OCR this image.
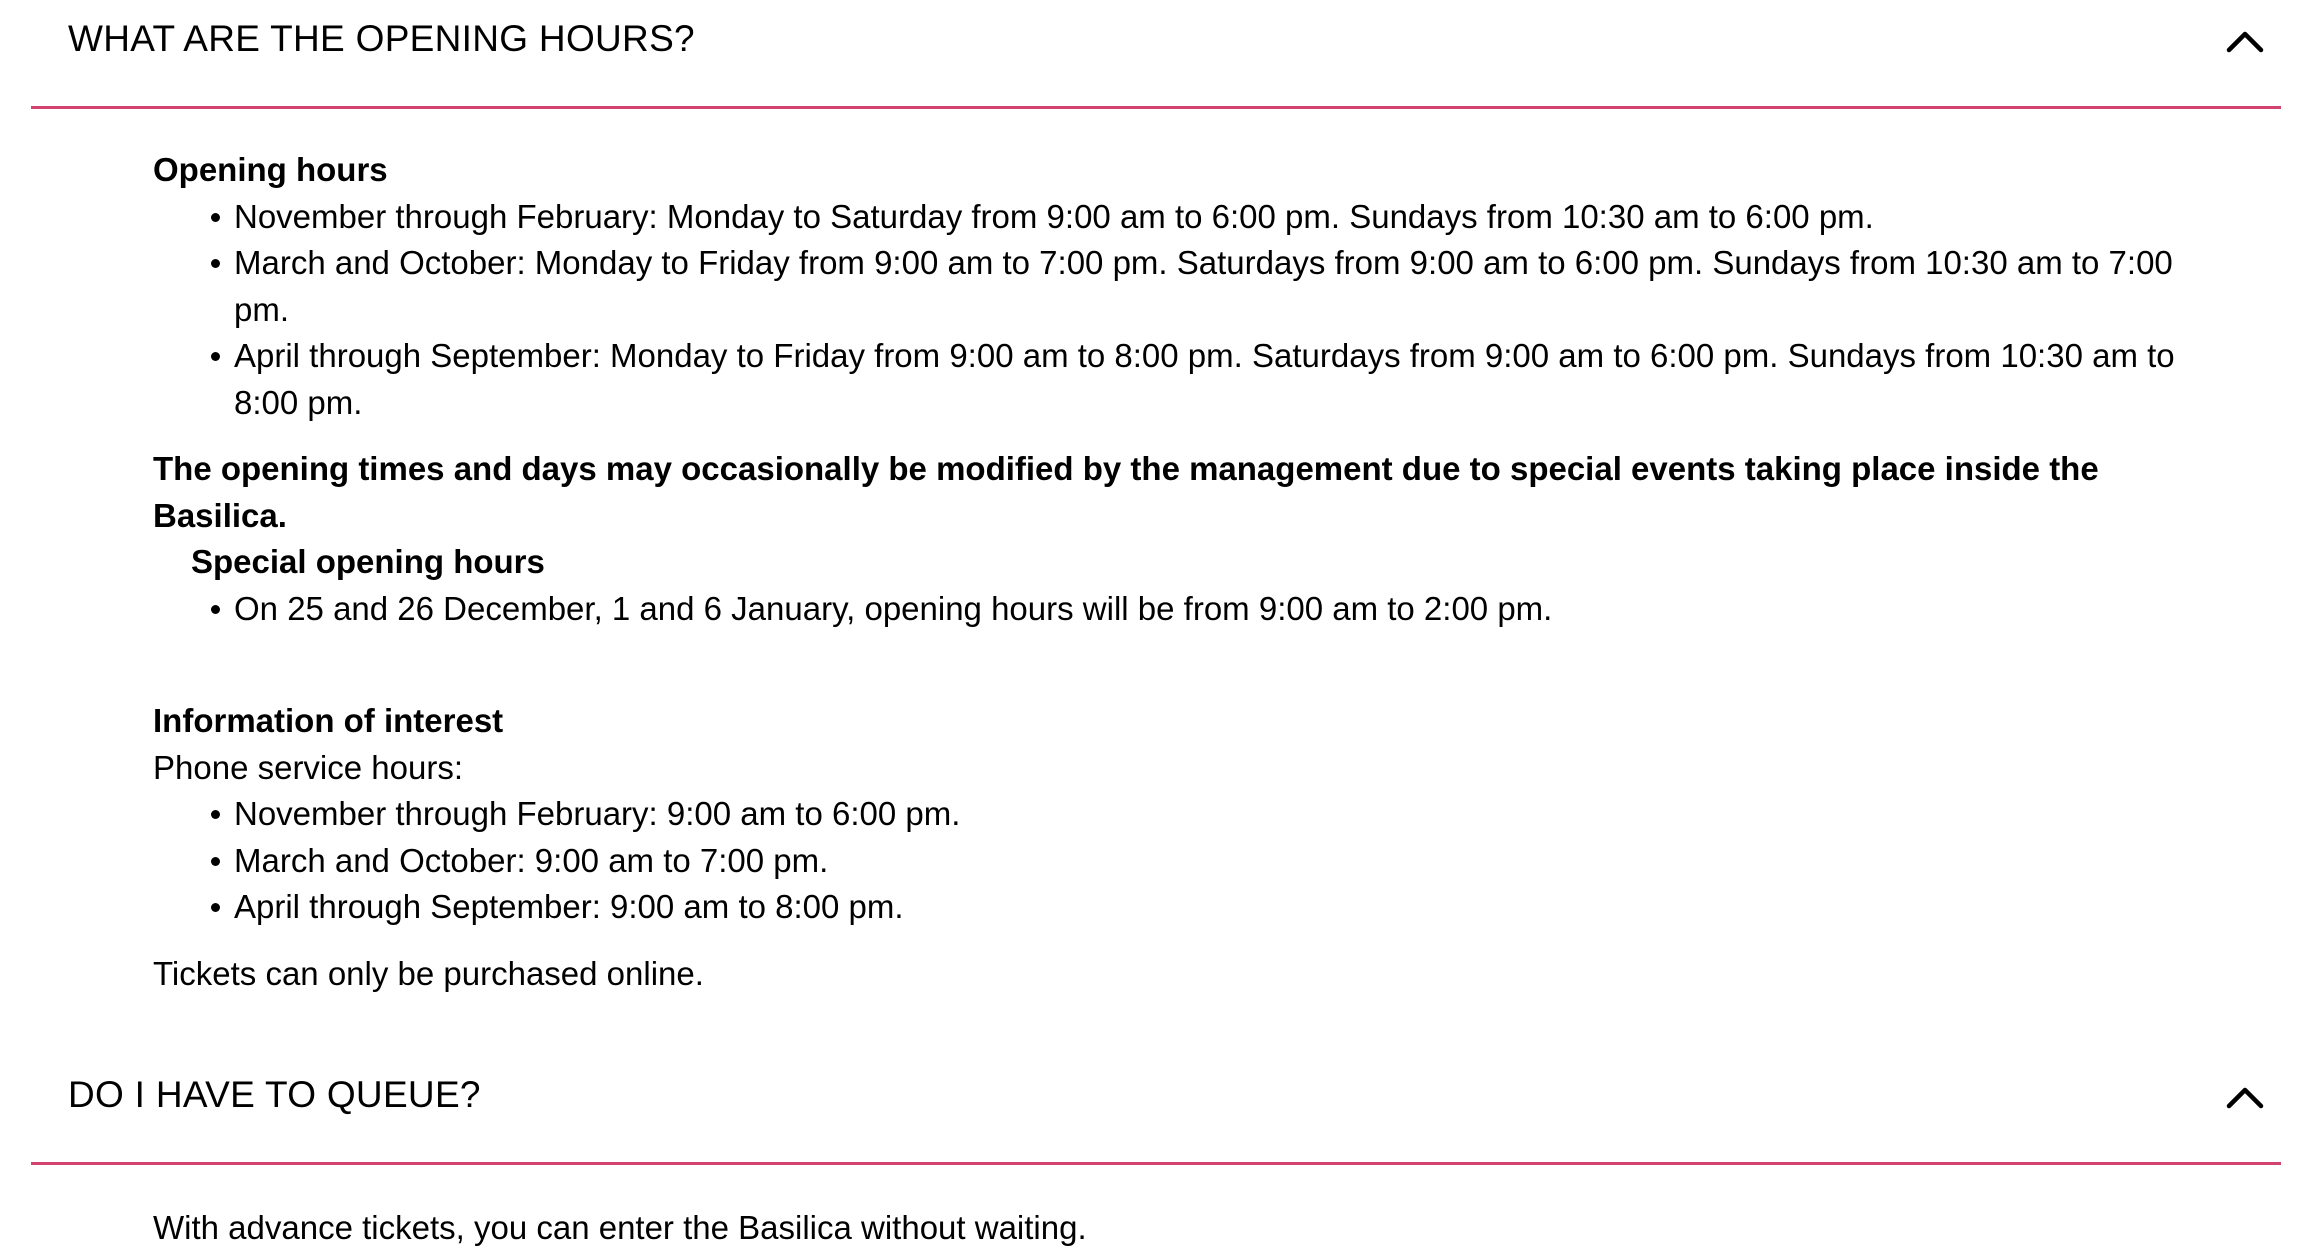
WHAT ARE THE OPENING HOURS?
Opening hours
November through February: Monday to Saturday from 9:00 am to 6:00 pm. Sundays from 10:30 am to 6:00 pm.
March and October: Monday to Friday from 9:00 am to 7:00 pm. Saturdays from 9:00 am to 6:00 pm. Sundays from 10:30 am to 7:00 pm.
April through September: Monday to Friday from 9:00 am to 8:00 pm. Saturdays from 9:00 am to 6:00 pm. Sundays from 10:30 am to 8:00 pm.
The opening times and days may occasionally be modified by the management due to special events taking place inside the Basilica.
Special opening hours
On 25 and 26 December, 1 and 6 January, opening hours will be from 9:00 am to 2:00 pm.
Information of interest
Phone service hours:
November through February: 9:00 am to 6:00 pm.
March and October: 9:00 am to 7:00 pm.
April through September: 9:00 am to 8:00 pm.
Tickets can only be purchased online.
DO I HAVE TO QUEUE?
With advance tickets, you can enter the Basilica without waiting.
